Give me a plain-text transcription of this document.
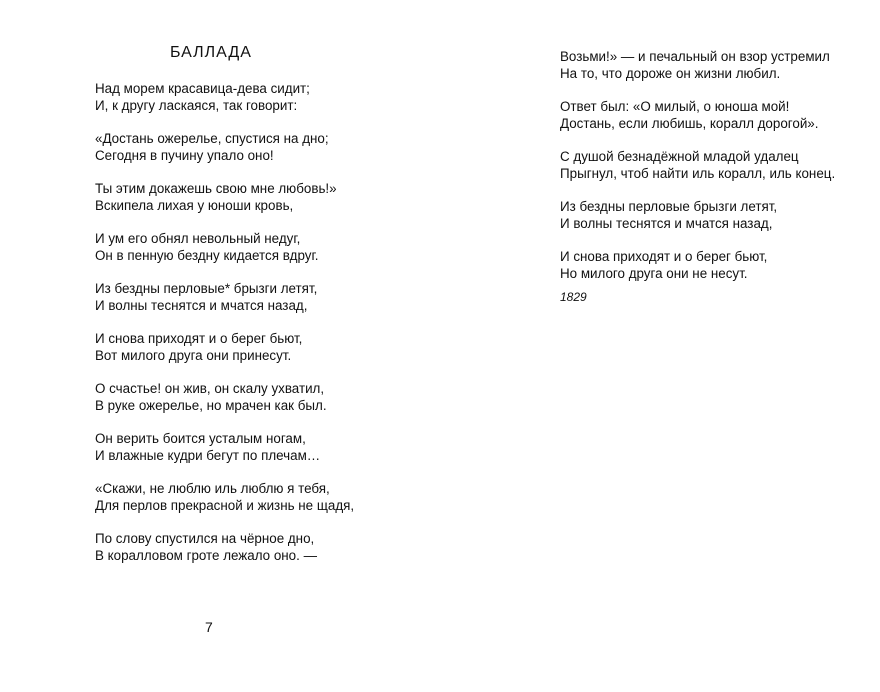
БАЛЛАДА
Над морем красавица-дева сидит;
И, к другу ласкаяся, так говорит:
«Достань ожерелье, спустися на дно;
Сегодня в пучину упало оно!
Ты этим докажешь свою мне любовь!»
Вскипела лихая у юноши кровь,
И ум его обнял невольный недуг,
Он в пенную бездну кидается вдруг.
Из бездны перловые* брызги летят,
И волны теснятся и мчатся назад,
И снова приходят и о берег бьют,
Вот милого друга они принесут.
О счастье! он жив, он скалу ухватил,
В руке ожерелье, но мрачен как был.
Он верить боится усталым ногам,
И влажные кудри бегут по плечам…
«Скажи, не люблю иль люблю я тебя,
Для перлов прекрасной и жизнь не щадя,
По слову спустился на чёрное дно,
В коралловом гроте лежало оно. —
7
Возьми!» — и печальный он взор устремил
На то, что дороже он жизни любил.
Ответ был: «О милый, о юноша мой!
Достань, если любишь, коралл дорогой».
С душой безнадёжной младой удалец
Прыгнул, чтоб найти иль коралл, иль конец.
Из бездны перловые брызги летят,
И волны теснятся и мчатся назад,
И снова приходят и о берег бьют,
Но милого друга они не несут.
1829
